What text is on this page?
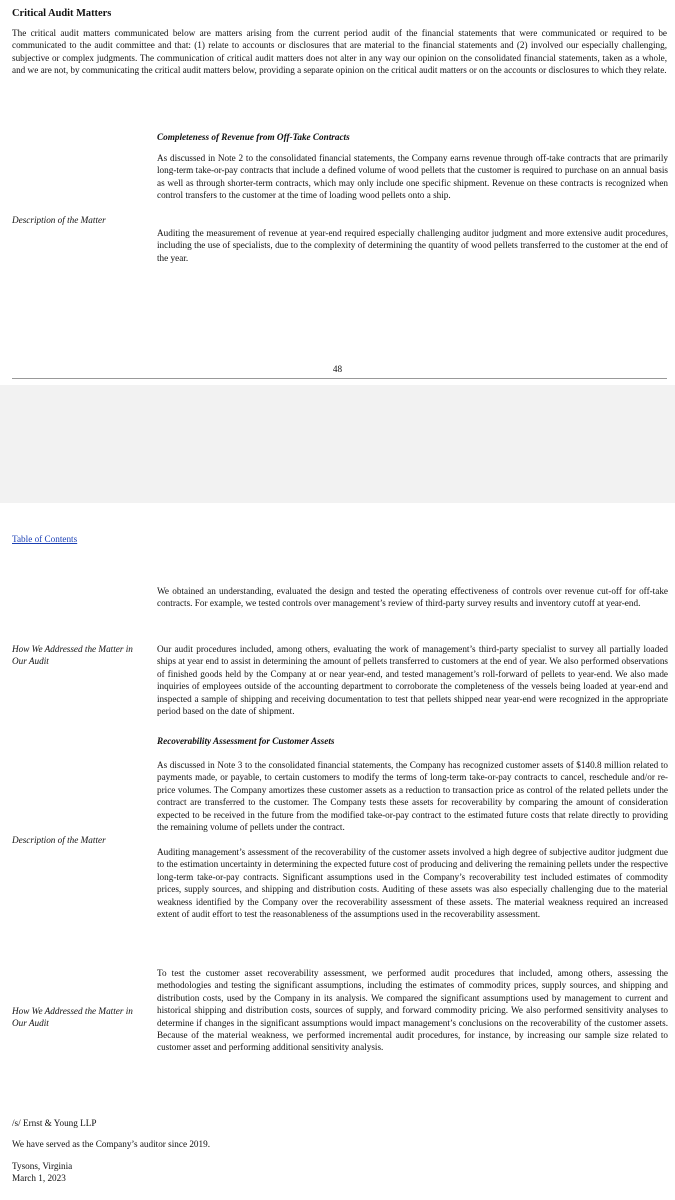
Critical Audit Matters
The critical audit matters communicated below are matters arising from the current period audit of the financial statements that were communicated or required to be communicated to the audit committee and that: (1) relate to accounts or disclosures that are material to the financial statements and (2) involved our especially challenging, subjective or complex judgments. The communication of critical audit matters does not alter in any way our opinion on the consolidated financial statements, taken as a whole, and we are not, by communicating the critical audit matters below, providing a separate opinion on the critical audit matters or on the accounts or disclosures to which they relate.
Completeness of Revenue from Off-Take Contracts
Description of the Matter
As discussed in Note 2 to the consolidated financial statements, the Company earns revenue through off-take contracts that are primarily long-term take-or-pay contracts that include a defined volume of wood pellets that the customer is required to purchase on an annual basis as well as through shorter-term contracts, which may only include one specific shipment. Revenue on these contracts is recognized when control transfers to the customer at the time of loading wood pellets onto a ship.
Auditing the measurement of revenue at year-end required especially challenging auditor judgment and more extensive audit procedures, including the use of specialists, due to the complexity of determining the quantity of wood pellets transferred to the customer at the end of the year.
48
Table of Contents
We obtained an understanding, evaluated the design and tested the operating effectiveness of controls over revenue cut-off for off-take contracts. For example, we tested controls over management’s review of third-party survey results and inventory cutoff at year-end.
How We Addressed the Matter in Our Audit
Our audit procedures included, among others, evaluating the work of management’s third-party specialist to survey all partially loaded ships at year end to assist in determining the amount of pellets transferred to customers at the end of year. We also performed observations of finished goods held by the Company at or near year-end, and tested management’s roll-forward of pellets to year-end. We also made inquiries of employees outside of the accounting department to corroborate the completeness of the vessels being loaded at year-end and inspected a sample of shipping and receiving documentation to test that pellets shipped near year-end were recognized in the appropriate period based on the date of shipment.
Recoverability Assessment for Customer Assets
As discussed in Note 3 to the consolidated financial statements, the Company has recognized customer assets of $140.8 million related to payments made, or payable, to certain customers to modify the terms of long-term take-or-pay contracts to cancel, reschedule and/or re-price volumes. The Company amortizes these customer assets as a reduction to transaction price as control of the related pellets under the contract are transferred to the customer. The Company tests these assets for recoverability by comparing the amount of consideration expected to be received in the future from the modified take-or-pay contract to the estimated future costs that relate directly to providing the remaining volume of pellets under the contract.
Description of the Matter
Auditing management’s assessment of the recoverability of the customer assets involved a high degree of subjective auditor judgment due to the estimation uncertainty in determining the expected future cost of producing and delivering the remaining pellets under the respective long-term take-or-pay contracts. Significant assumptions used in the Company’s recoverability test included estimates of commodity prices, supply sources, and shipping and distribution costs. Auditing of these assets was also especially challenging due to the material weakness identified by the Company over the recoverability assessment of these assets. The material weakness required an increased extent of audit effort to test the reasonableness of the assumptions used in the recoverability assessment.
To test the customer asset recoverability assessment, we performed audit procedures that included, among others, assessing the methodologies and testing the significant assumptions, including the estimates of commodity prices, supply sources, and shipping and distribution costs, used by the Company in its analysis. We compared the significant assumptions used by management to current and historical shipping and distribution costs, sources of supply, and forward commodity pricing. We also performed sensitivity analyses to determine if changes in the significant assumptions would impact management’s conclusions on the recoverability of the customer assets. Because of the material weakness, we performed incremental audit procedures, for instance, by increasing our sample size related to customer asset and performing additional sensitivity analysis.
How We Addressed the Matter in Our Audit
/s/ Ernst & Young LLP
We have served as the Company’s auditor since 2019.
Tysons, Virginia
March 1, 2023
